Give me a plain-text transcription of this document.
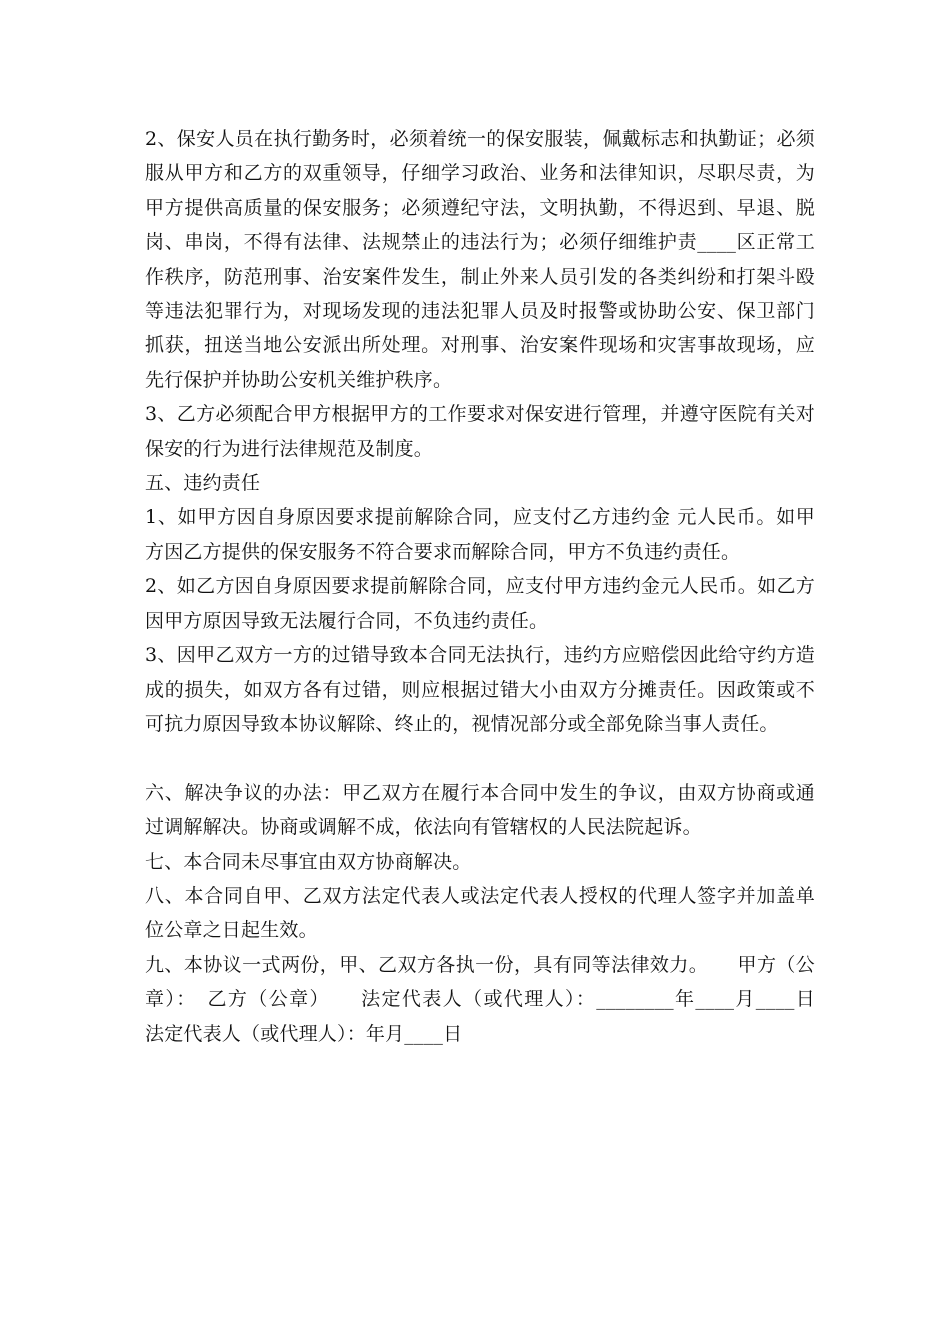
2、保安人员在执行勤务时，必须着统一的保安服装，佩戴标志和执勤证；必须服从甲方和乙方的双重领导，仔细学习政治、业务和法律知识，尽职尽责，为甲方提供高质量的保安服务；必须遵纪守法，文明执勤，不得迟到、早退、脱岗、串岗，不得有法律、法规禁止的违法行为；必须仔细维护责____区正常工作秩序，防范刑事、治安案件发生，制止外来人员引发的各类纠纷和打架斗殴等违法犯罪行为，对现场发现的违法犯罪人员及时报警或协助公安、保卫部门抓获，扭送当地公安派出所处理。对刑事、治安案件现场和灾害事故现场，应先行保护并协助公安机关维护秩序。

3、乙方必须配合甲方根据甲方的工作要求对保安进行管理，并遵守医院有关对保安的行为进行法律规范及制度。

五、违约责任

1、如甲方因自身原因要求提前解除合同，应支付乙方违约金 元人民币。如甲方因乙方提供的保安服务不符合要求而解除合同，甲方不负违约责任。

2、如乙方因自身原因要求提前解除合同，应支付甲方违约金元人民币。如乙方因甲方原因导致无法履行合同，不负违约责任。

3、因甲乙双方一方的过错导致本合同无法执行，违约方应赔偿因此给守约方造成的损失，如双方各有过错，则应根据过错大小由双方分摊责任。因政策或不可抗力原因导致本协议解除、终止的，视情况部分或全部免除当事人责任。

六、解决争议的办法：甲乙双方在履行本合同中发生的争议，由双方协商或通过调解解决。协商或调解不成，依法向有管辖权的人民法院起诉。

七、本合同未尽事宜由双方协商解决。

八、本合同自甲、乙双方法定代表人或法定代表人授权的代理人签字并加盖单位公章之日起生效。

九、本协议一式两份，甲、乙双方各执一份，具有同等法律效力。　　甲方（公章）：　乙方（公章）　　法定代表人（或代理人）：________年____月____日　　法定代表人（或代理人）：年月____日
